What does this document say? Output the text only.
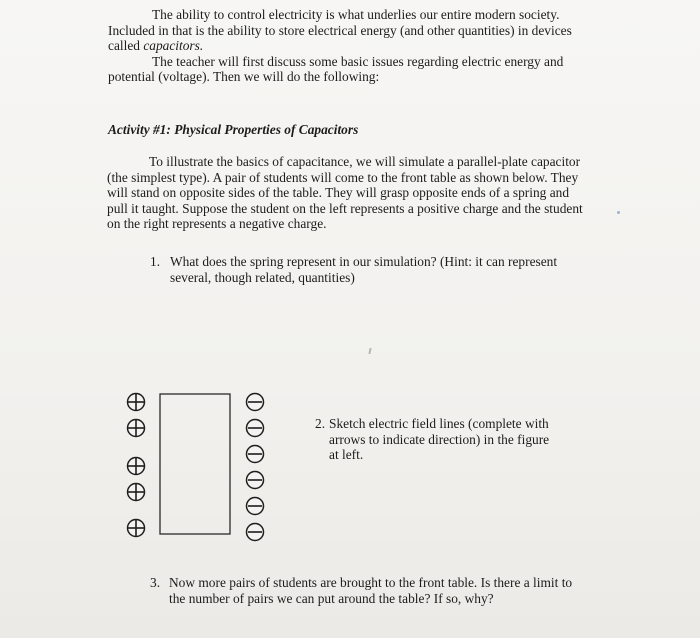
The ability to control electricity is what underlies our entire modern society.
Included in that is the ability to store electrical energy (and other quantities) in devices
called capacitors.
The teacher will first discuss some basic issues regarding electric energy and
potential (voltage). Then we will do the following:
Activity #1: Physical Properties of Capacitors
To illustrate the basics of capacitance, we will simulate a parallel-plate capacitor
(the simplest type). A pair of students will come to the front table as shown below. They
will stand on opposite sides of the table. They will grasp opposite ends of a spring and
pull it taught. Suppose the student on the left represents a positive charge and the student
on the right represents a negative charge.
1. What does the spring represent in our simulation? (Hint: it can represent
several, though related, quantities)
2. Sketch electric field lines (complete with
arrows to indicate direction) in the figure
at left.
3. Now more pairs of students are brought to the front table. Is there a limit to
the number of pairs we can put around the table? If so, why?
